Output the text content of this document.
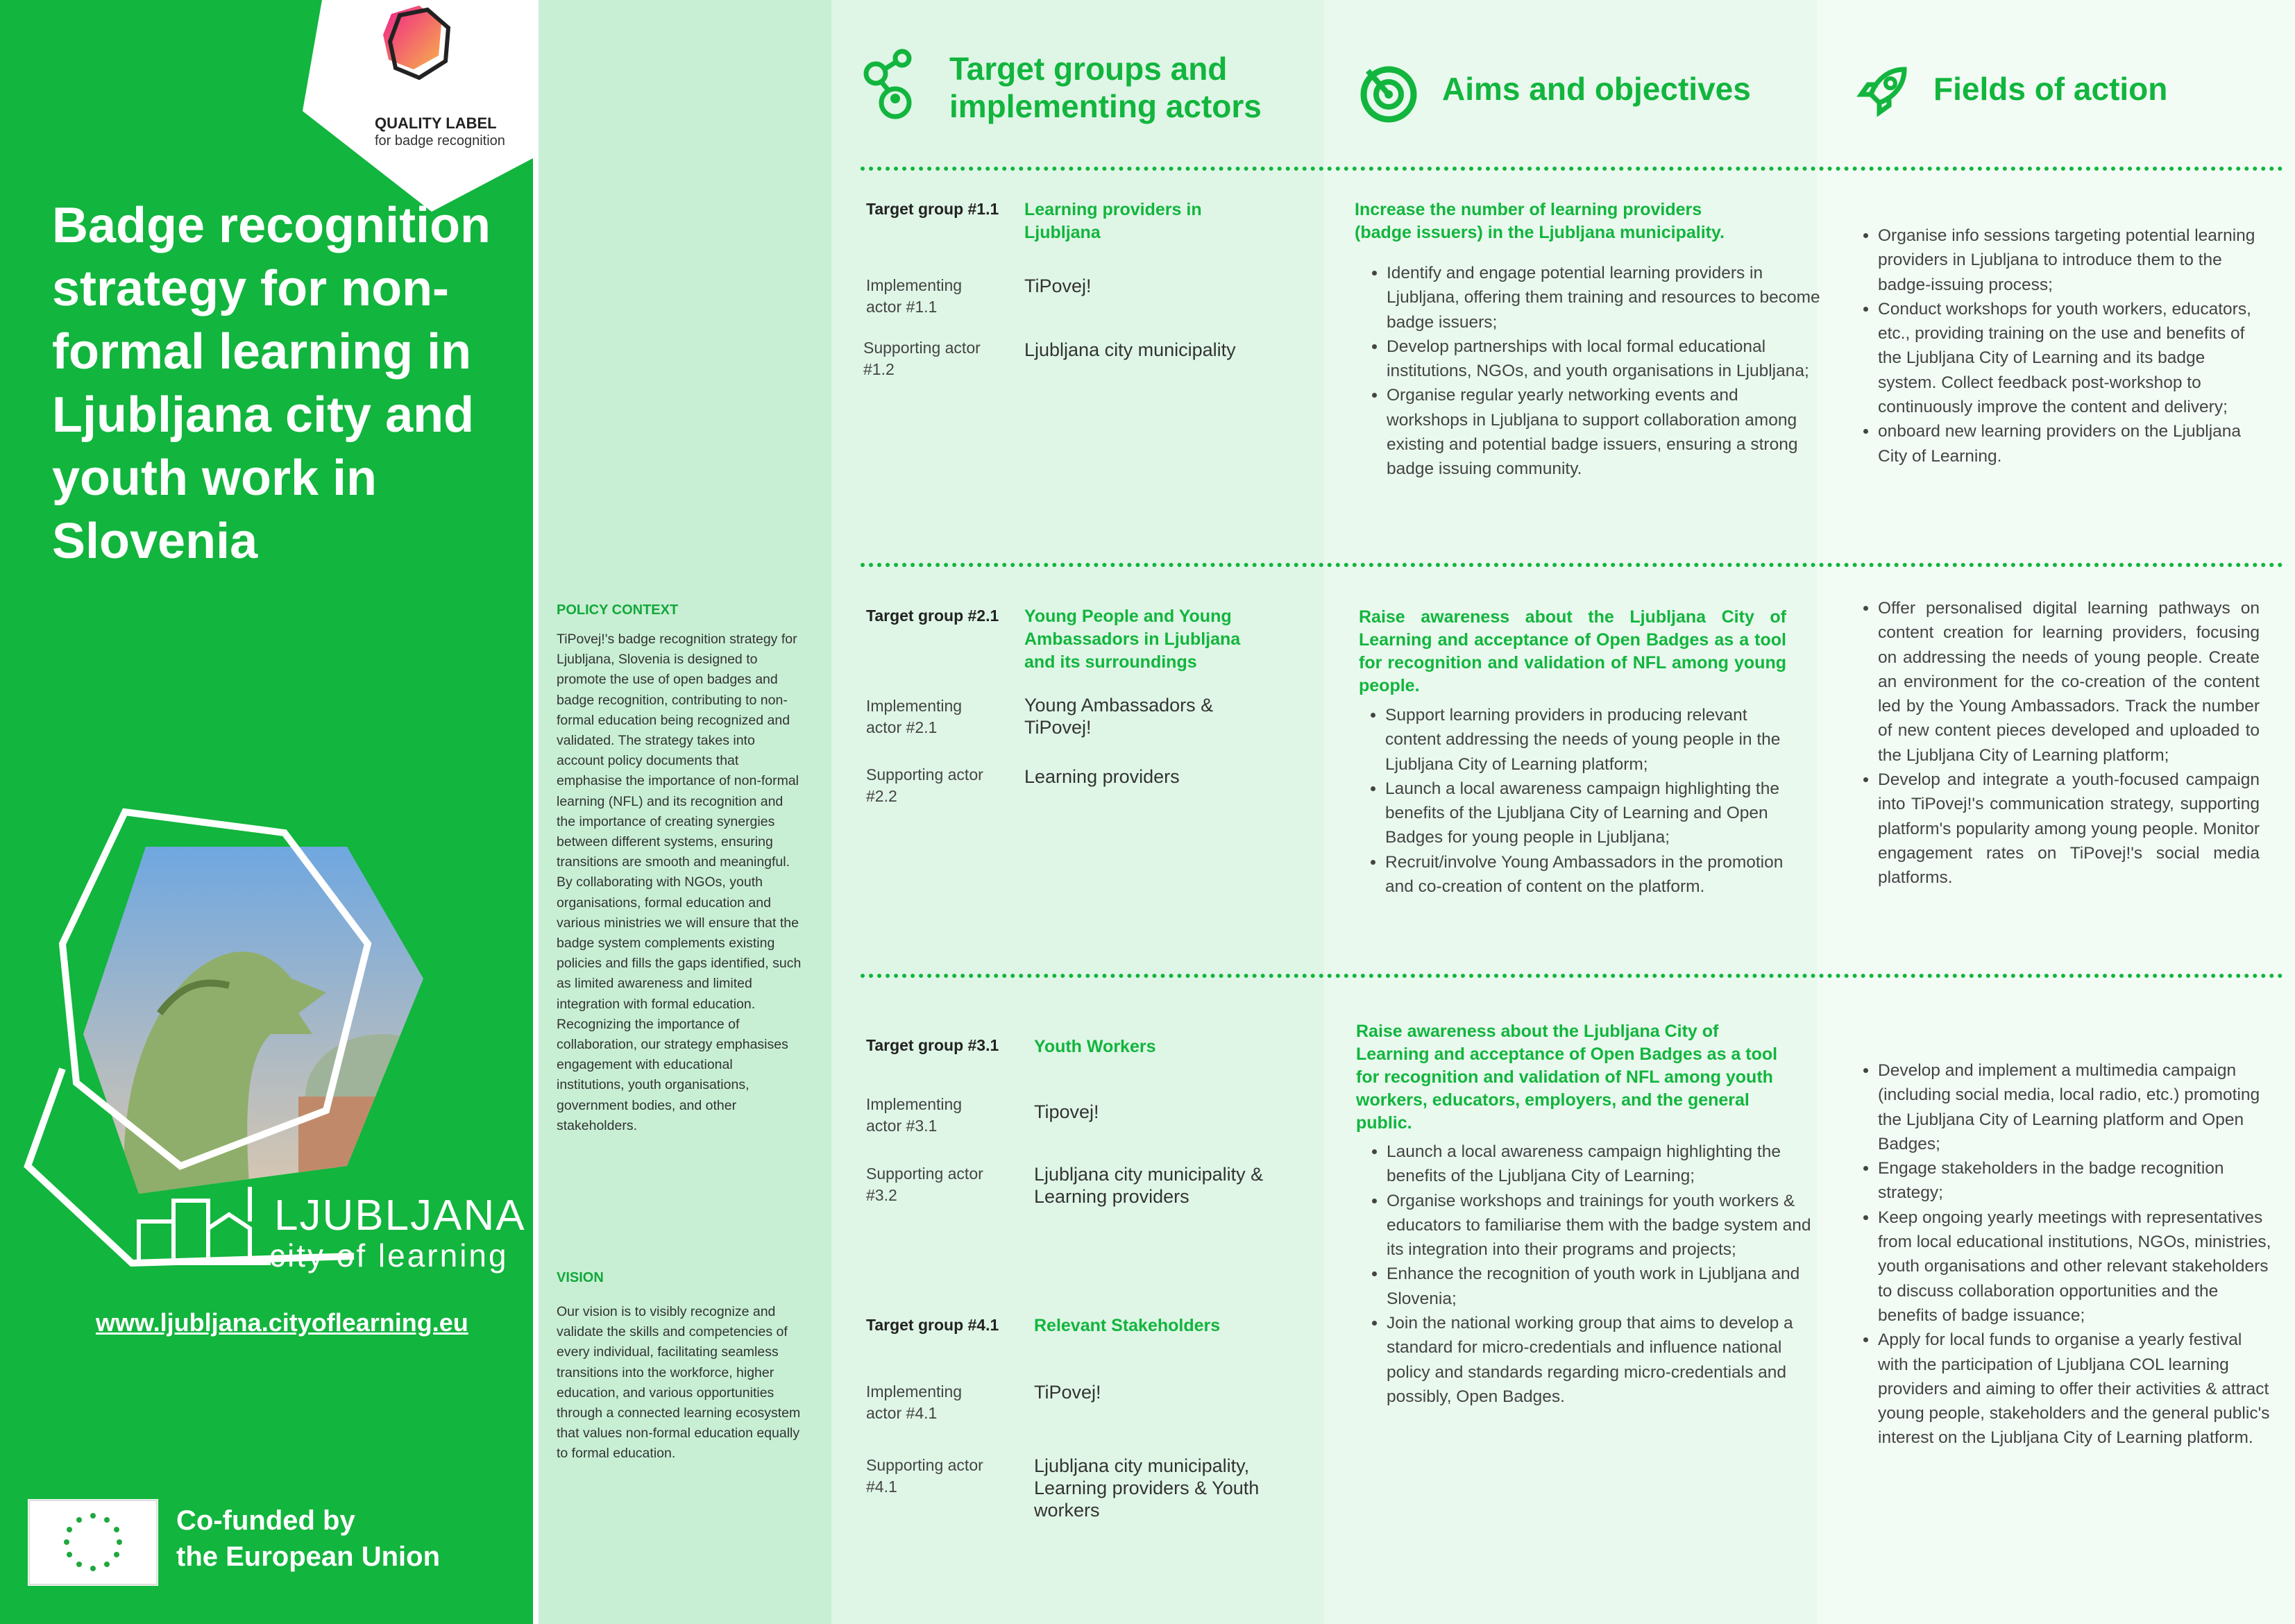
QUALITY LABEL
for badge recognition
Badge recognition strategy for non-formal learning in Ljubljana city and youth work in Slovenia
LJUBLJANA
city of learning
www.ljubljana.cityoflearning.eu
Co-funded by
the European Union
POLICY CONTEXT
TiPovej!'s badge recognition strategy for Ljubljana, Slovenia is designed to promote the use of open badges and badge recognition, contributing to non-formal education being recognized and validated. The strategy takes into account policy documents that emphasise the importance of non-formal learning (NFL) and its recognition and the importance of creating synergies between different systems, ensuring transitions are smooth and meaningful. By collaborating with NGOs, youth organisations, formal education and various ministries we will ensure that the badge system complements existing policies and fills the gaps identified, such as limited awareness and limited integration with formal education. Recognizing the importance of collaboration, our strategy emphasises engagement with educational institutions, youth organisations, government bodies, and other stakeholders.
VISION
Our vision is to visibly recognize and validate the skills and competencies of every individual, facilitating seamless transitions into the workforce, higher education, and various opportunities through a connected learning ecosystem that values non-formal education equally to formal education.
Target groups and
implementing actors	Aims and objectives	Fields of action
Target group #1.1 Learning providers in Ljubljana
Implementing actor #1.1
TiPovej!
Supporting actor #1.2
Ljubljana city municipality
Target group #2.1 Young People and Young Ambassadors in Ljubljana and its surroundings
Implementing actor #2.1
Young Ambassadors & TiPovej!
Supporting actor #2.2
Learning providers
Target group #3.1 Youth Workers
Implementing actor #3.1
Tipovej!
Supporting actor #3.2
Ljubljana city municipality & Learning providers
Target group #4.1 Relevant Stakeholders
Implementing actor #4.1
TiPovej!
Supporting actor #4.1
Ljubljana city municipality, Learning providers & Youth workers
Increase the number of learning providers (badge issuers) in the Ljubljana municipality.
• Identify and engage potential learning providers in Ljubljana, offering them training and resources to become badge issuers;
• Develop partnerships with local formal educational institutions, NGOs, and youth organisations in Ljubljana;
• Organise regular yearly networking events and workshops in Ljubljana to support collaboration among existing and potential badge issuers, ensuring a strong badge issuing community.
Raise awareness about the Ljubljana City of Learning and acceptance of Open Badges as a tool for recognition and validation of NFL among young people.
• Support learning providers in producing relevant content addressing the needs of young people in the Ljubljana City of Learning platform;
• Launch a local awareness campaign highlighting the benefits of the Ljubljana City of Learning and Open Badges for young people in Ljubljana;
• Recruit/involve Young Ambassadors in the promotion and co-creation of content on the platform.
Raise awareness about the Ljubljana City of Learning and acceptance of Open Badges as a tool for recognition and validation of NFL among youth workers, educators, employers, and the general public.
• Launch a local awareness campaign highlighting the benefits of the Ljubljana City of Learning;
• Organise workshops and trainings for youth workers & educators to familiarise them with the badge system and its integration into their programs and projects;
• Enhance the recognition of youth work in Ljubljana and Slovenia;
• Join the national working group that aims to develop a standard for micro-credentials and influence national policy and standards regarding micro-credentials and possibly, Open Badges.
• Organise info sessions targeting potential learning providers in Ljubljana to introduce them to the badge-issuing process;
• Conduct workshops for youth workers, educators, etc., providing training on the use and benefits of the Ljubljana City of Learning and its badge system. Collect feedback post-workshop to continuously improve the content and delivery;
• onboard new learning providers on the Ljubljana City of Learning.
• Offer personalised digital learning pathways on content creation for learning providers, focusing on addressing the needs of young people. Create an environment for the co-creation of the content led by the Young Ambassadors. Track the number of new content pieces developed and uploaded to the Ljubljana City of Learning platform;
• Develop and integrate a youth-focused campaign into TiPovej!'s communication strategy, supporting platform's popularity among young people. Monitor engagement rates on TiPovej!'s social media platforms.
• Develop and implement a multimedia campaign (including social media, local radio, etc.) promoting the Ljubljana City of Learning platform and Open Badges;
• Engage stakeholders in the badge recognition strategy;
• Keep ongoing yearly meetings with representatives from local educational institutions, NGOs, ministries, youth organisations and other relevant stakeholders to discuss collaboration opportunities and the benefits of badge issuance;
• Apply for local funds to organise a yearly festival with the participation of Ljubljana COL learning providers and aiming to offer their activities & attract young people, stakeholders and the general public's interest on the Ljubljana City of Learning platform.
